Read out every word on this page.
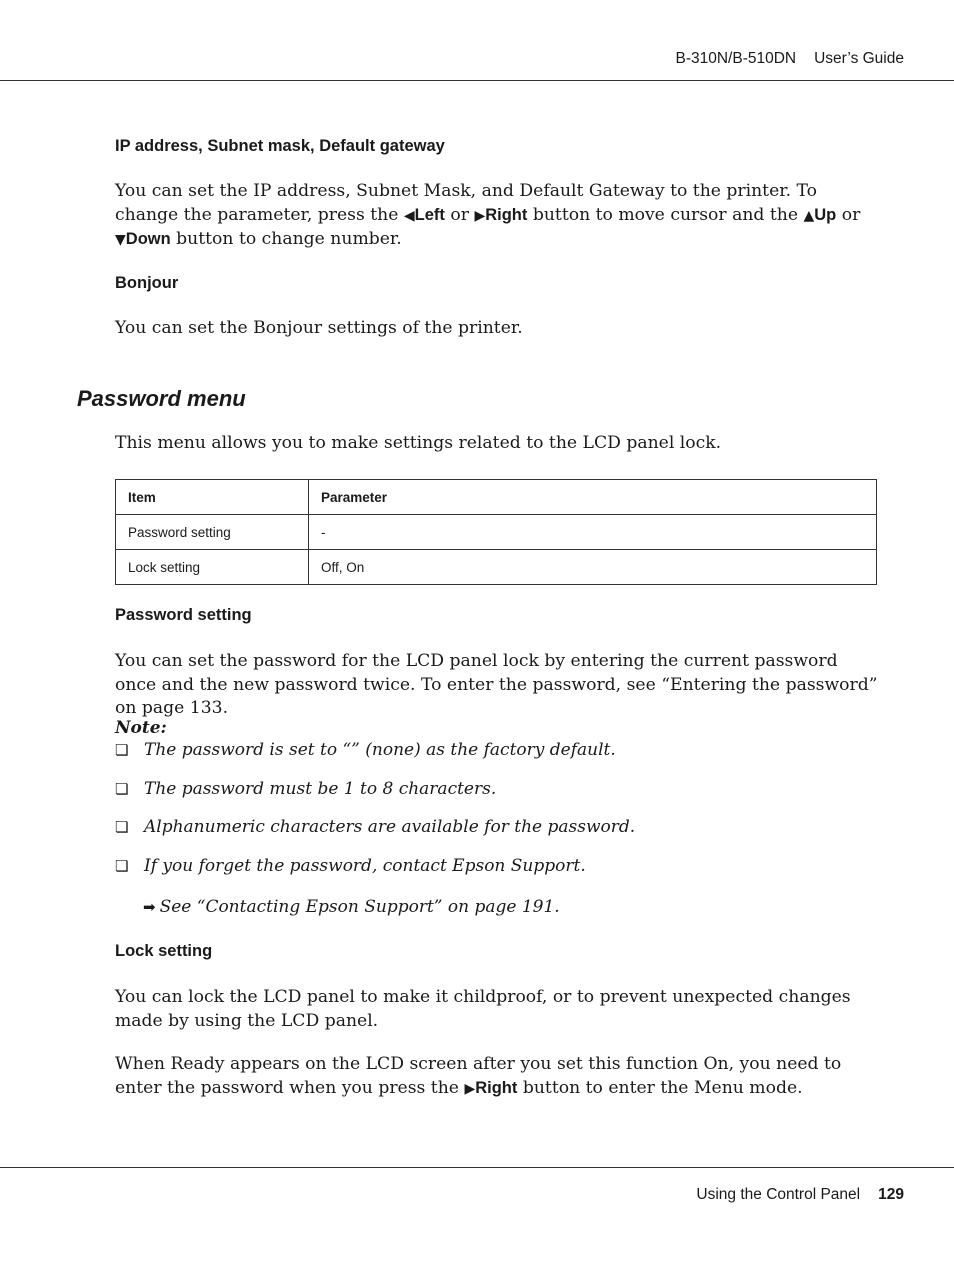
B-310N/B-510DN User’s Guide
IP address, Subnet mask, Default gateway
You can set the IP address, Subnet Mask, and Default Gateway to the printer. To change the parameter, press the ◀Left or ▶Right button to move cursor and the ▲Up or ▼Down button to change number.
Bonjour
You can set the Bonjour settings of the printer.
Password menu
This menu allows you to make settings related to the LCD panel lock.
Item	Parameter
Password setting	-
Lock setting	Off, On
Password setting
You can set the password for the LCD panel lock by entering the current password once and the new password twice. To enter the password, see “Entering the password” on page 133.
Note:
❏ The password is set to “” (none) as the factory default.
❏ The password must be 1 to 8 characters.
❏ Alphanumeric characters are available for the password.
❏ If you forget the password, contact Epson Support.
➡ See “Contacting Epson Support” on page 191.
Lock setting
You can lock the LCD panel to make it childproof, or to prevent unexpected changes made by using the LCD panel.
When Ready appears on the LCD screen after you set this function On, you need to enter the password when you press the ▶Right button to enter the Menu mode.
Using the Control Panel 129
